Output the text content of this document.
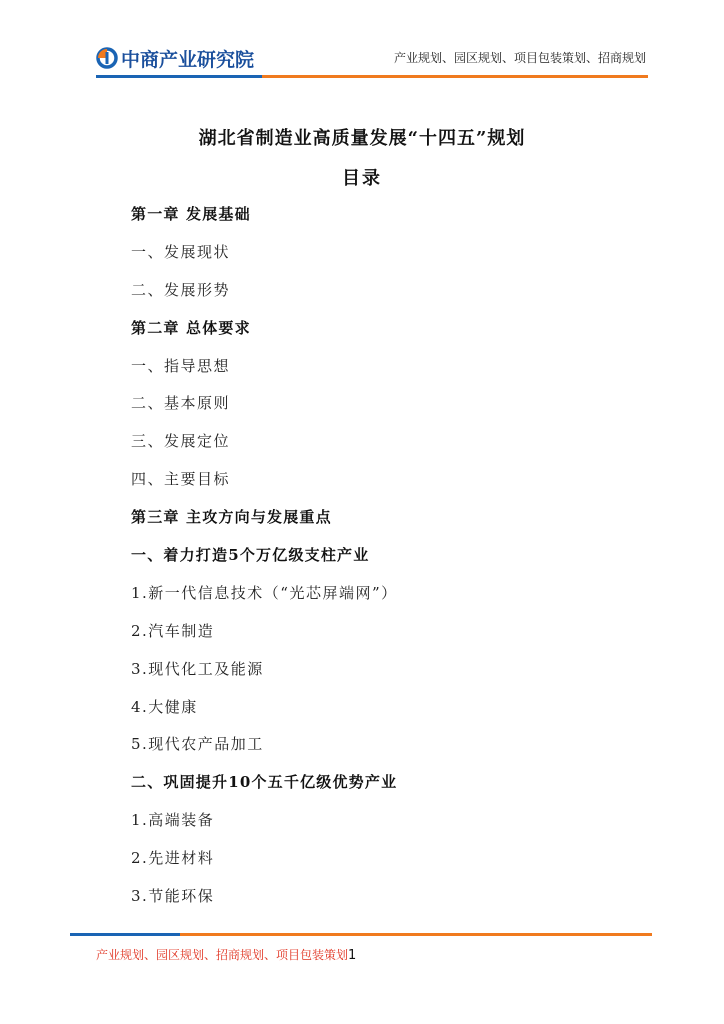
中商产业研究院	产业规划、园区规划、项目包装策划、招商规划
湖北省制造业高质量发展“十四五”规划
目录
第一章 发展基础
一、发展现状
二、发展形势
第二章 总体要求
一、指导思想
二、基本原则
三、发展定位
四、主要目标
第三章 主攻方向与发展重点
一、着力打造5个万亿级支柱产业
1.新一代信息技术（“光芯屏端网”）
2.汽车制造
3.现代化工及能源
4.大健康
5.现代农产品加工
二、巩固提升10个五千亿级优势产业
1.高端装备
2.先进材料
3.节能环保
产业规划、园区规划、招商规划、项目包装策划1
